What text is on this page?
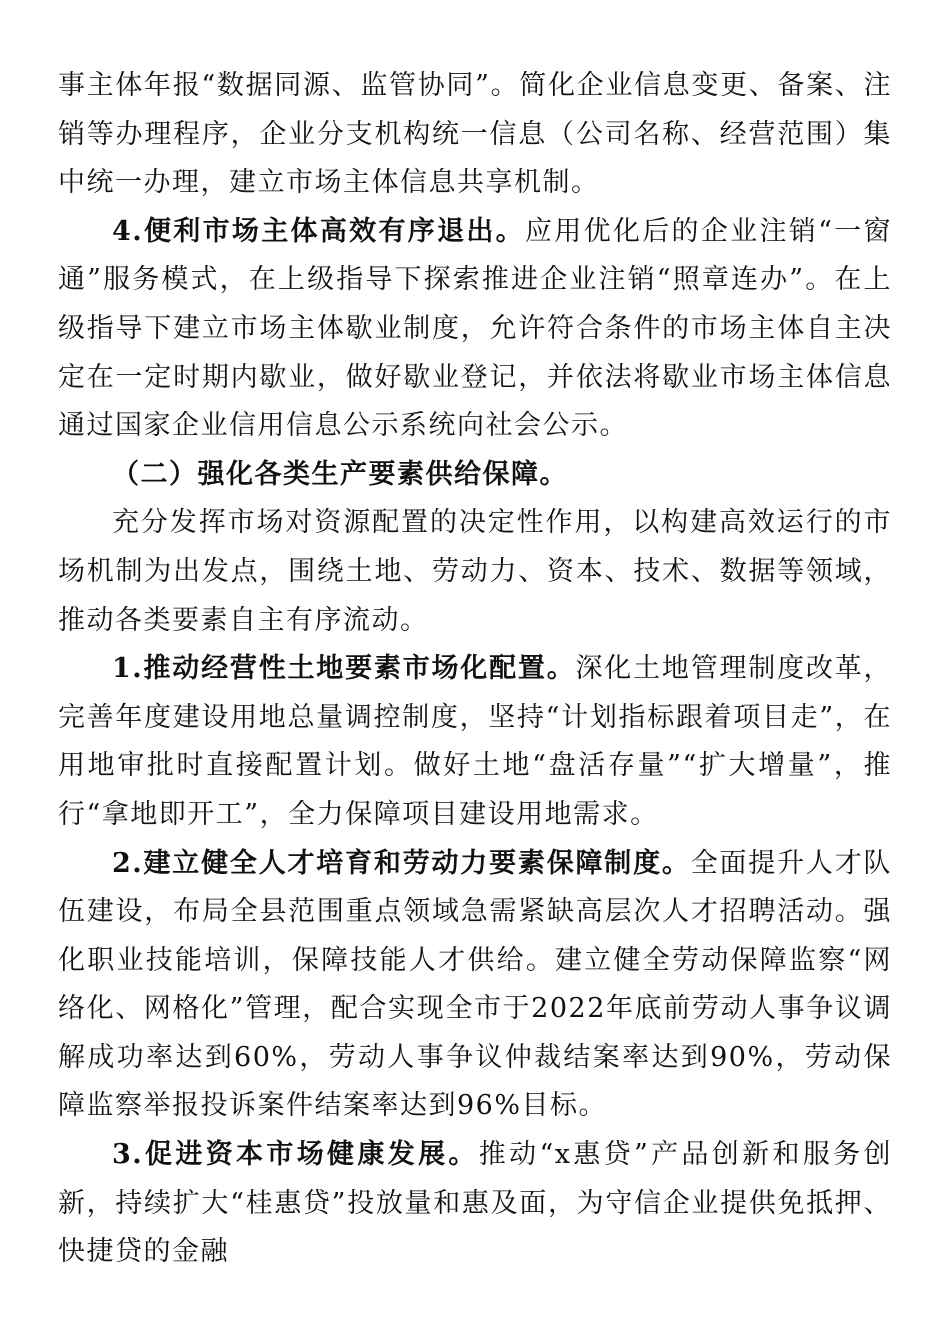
事主体年报“数据同源、监管协同”。简化企业信息变更、备案、注销等办理程序，企业分支机构统一信息（公司名称、经营范围）集中统一办理，建立市场主体信息共享机制。

4.便利市场主体高效有序退出。应用优化后的企业注销“一窗通”服务模式，在上级指导下探索推进企业注销“照章连办”。在上级指导下建立市场主体歇业制度，允许符合条件的市场主体自主决定在一定时期内歇业，做好歇业登记，并依法将歇业市场主体信息通过国家企业信用信息公示系统向社会公示。

（二）强化各类生产要素供给保障。

充分发挥市场对资源配置的决定性作用，以构建高效运行的市场机制为出发点，围绕土地、劳动力、资本、技术、数据等领域，推动各类要素自主有序流动。

1.推动经营性土地要素市场化配置。深化土地管理制度改革，完善年度建设用地总量调控制度，坚持“计划指标跟着项目走”，在用地审批时直接配置计划。做好土地“盘活存量”“扩大增量”，推行“拿地即开工”，全力保障项目建设用地需求。

2.建立健全人才培育和劳动力要素保障制度。全面提升人才队伍建设，布局全县范围重点领域急需紧缺高层次人才招聘活动。强化职业技能培训，保障技能人才供给。建立健全劳动保障监察“网络化、网格化”管理，配合实现全市于2022年底前劳动人事争议调解成功率达到60%，劳动人事争议仲裁结案率达到90%，劳动保障监察举报投诉案件结案率达到96%目标。

3.促进资本市场健康发展。推动“x惠贷”产品创新和服务创新，持续扩大“桂惠贷”投放量和惠及面，为守信企业提供免抵押、快捷贷的金融
